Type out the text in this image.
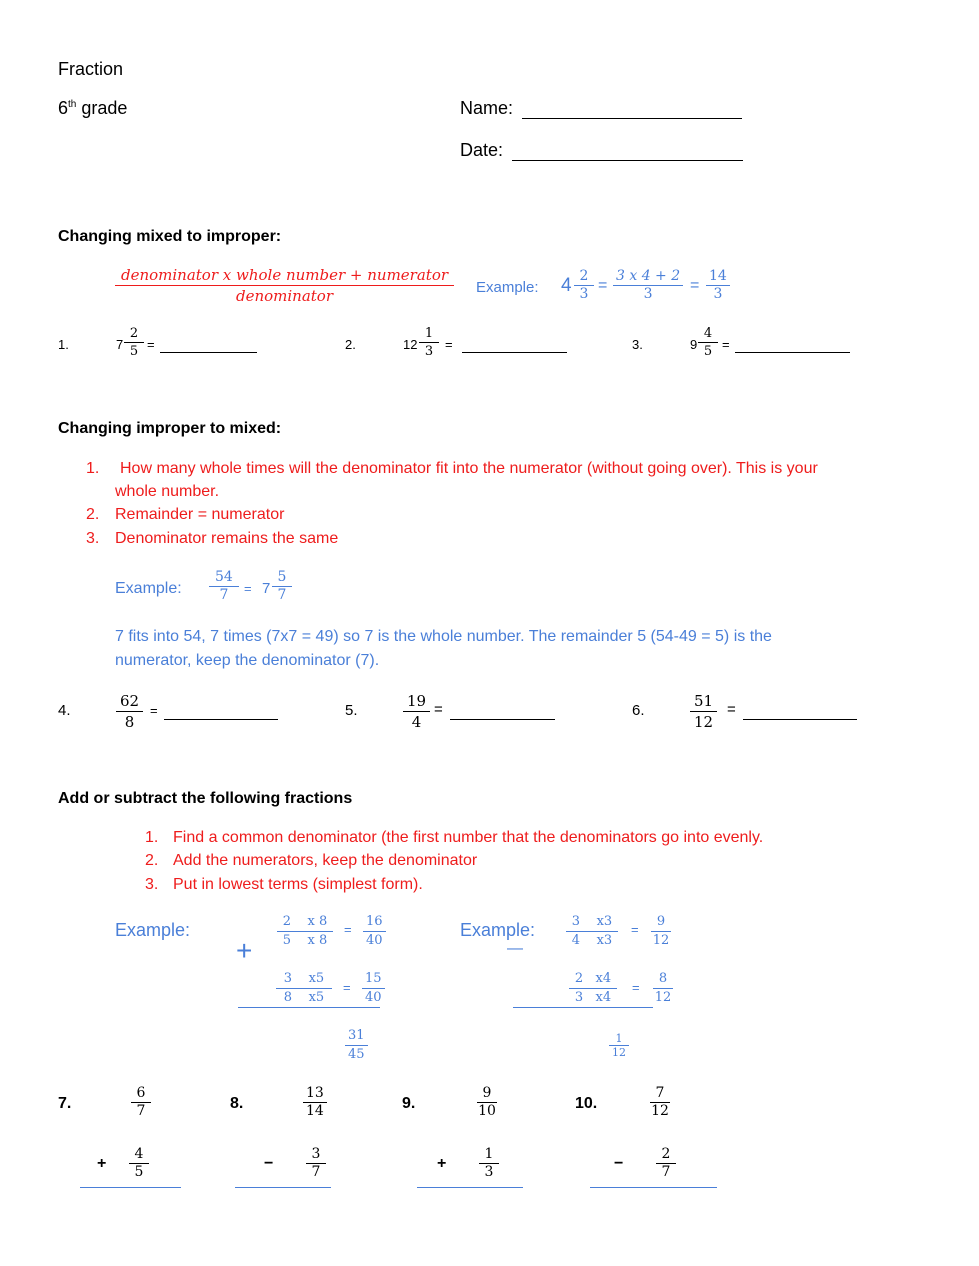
Fraction
6th grade	Name:
Date:
Changing mixed to improper:
denominator x whole number + numerator
denominator	Example: $4 \frac{2}{3} = \frac{3 x 4 + 2}{3} = \frac{14}{3}$
1.	$7 \frac{2}{5}$ =	2.	$12 \frac{1}{3}$ =	3.	$9 \frac{4}{5}$ =
Changing improper to mixed:
1. How many whole times will the denominator fit into the numerator (without going over). This is your
whole number.
2. Remainder = numerator
3. Denominator remains the same
Example: $\frac{54}{7} = 7 \frac{5}{7}$
7 fits into 54, 7 times (7x7 = 49) so 7 is the whole number. The remainder 5 (54-49 = 5) is the
numerator, keep the denominator (7).
4.	$\frac{62}{8}$ =	5.	$\frac{19}{4}$ =	6.	$\frac{51}{12}$ =
Add or subtract the following fractions
1. Find a common denominator (the first number that the denominators go into evenly.
2. Add the numerators, keep the denominator
3. Put in lowest terms (simplest form).
Example:
+
$\frac{2 x 8}{5 x 8} = \frac{16}{40}$
$\frac{3 x5}{8 x5} = \frac{15}{40}$
$\frac{31}{45}$
Example:
—	$\frac{3 x3}{4 x3} = \frac{9}{12}$
$\frac{2 x4}{3 x4} = \frac{8}{12}$
$\frac{1}{12}$
7.	$\frac{6}{7}$
+ $\frac{4}{5}$
8.	$\frac{13}{14}$
− $\frac{3}{7}$
9.	$\frac{9}{10}$
+ $\frac{1}{3}$
10.	$\frac{7}{12}$
− $\frac{2}{7}$
